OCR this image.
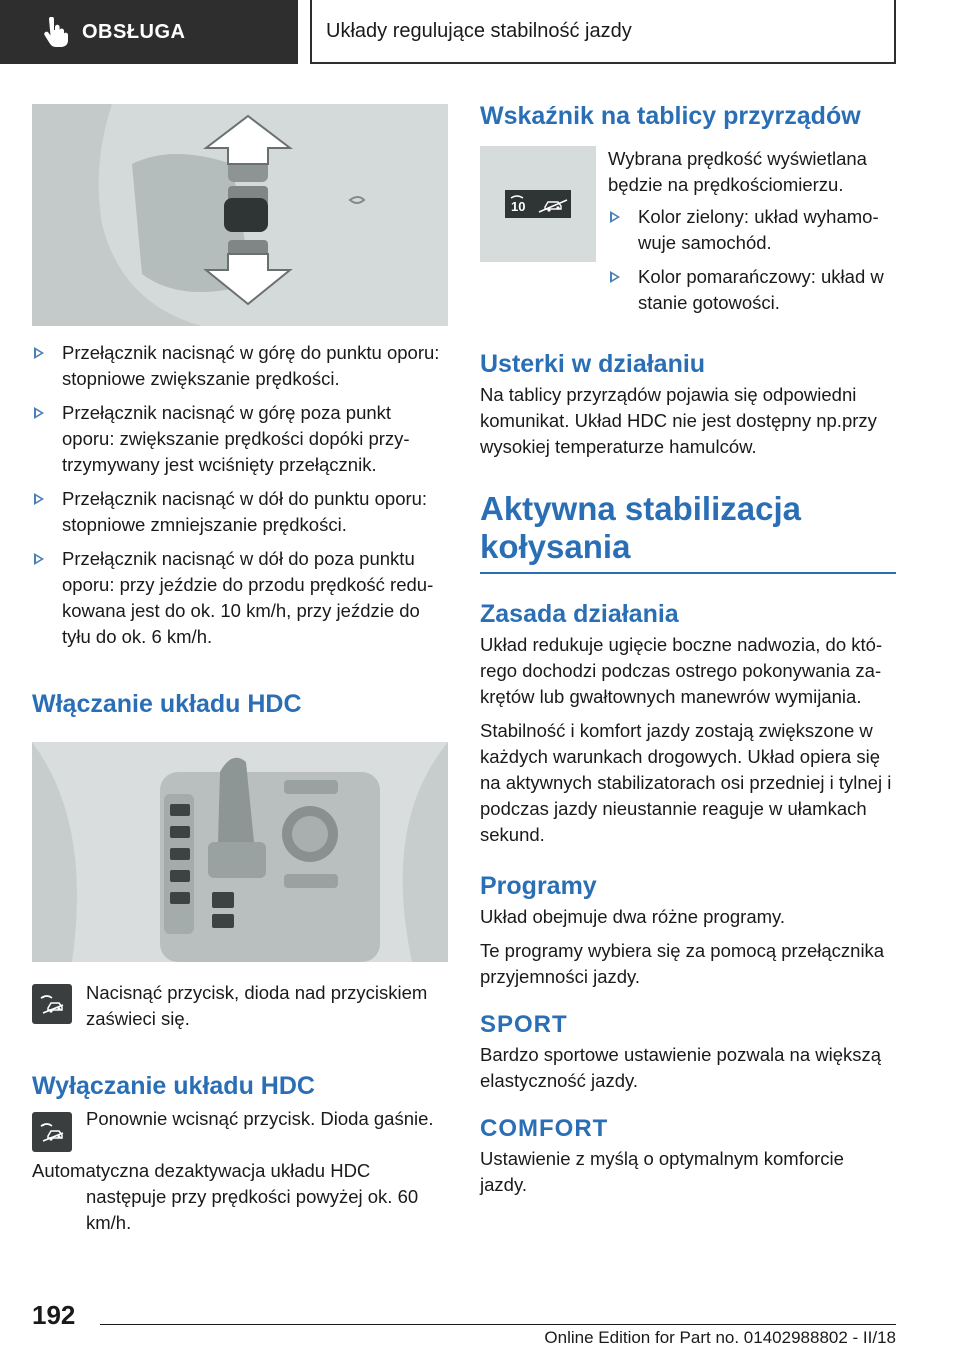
OBSŁUGA	Układy regulujące stabilność jazdy
Przełącznik nacisnąć w górę do punktu oporu: stopniowe zwiększanie prędkości.
Przełącznik nacisnąć w górę poza punkt oporu: zwiększanie prędkości dopóki przytrzymywany jest wciśnięty przełącznik.
Przełącznik nacisnąć w dół do punktu oporu: stopniowe zmniejszanie prędkości.
Przełącznik nacisnąć w dół do poza punktu oporu: przy jeździe do przodu prędkość redukowana jest do ok. 10 km/h, przy jeździe do tyłu do ok. 6 km/h.
Włączanie układu HDC

Nacisnąć przycisk, dioda nad przyciskiem zaświeci się.

Wyłączanie układu HDC

Ponownie wcisnąć przycisk. Dioda gaśnie.

Automatyczna dezaktywacja układu HDC następuje przy prędkości powyżej ok. 60 km/h.

Wskaźnik na tablicy przyrządów
10

Wybrana prędkość wyświetlana będzie na prędkościomierzu.

Kolor zielony: układ wyhamowuje samochód.
Kolor pomarańczowy: układ w stanie gotowości.
Usterki w działaniu

Na tablicy przyrządów pojawia się odpowiedni komunikat. Układ HDC nie jest dostępny np.przy wysokiej temperaturze hamulców.

Aktywna stabilizacja kołysania
Zasada działania

Układ redukuje ugięcie boczne nadwozia, do którego dochodzi podczas ostrego pokonywania zakrętów lub gwałtownych manewrów wymijania.

Stabilność i komfort jazdy zostają zwiększone w każdych warunkach drogowych. Układ opiera się na aktywnych stabilizatorach osi przedniej i tylnej i podczas jazdy nieustannie reaguje w ułamkach sekund.

Programy

Układ obejmuje dwa różne programy.

Te programy wybiera się za pomocą przełącznika przyjemności jazdy.

SPORT

Bardzo sportowe ustawienie pozwala na większą elastyczność jazdy.

COMFORT

Ustawienie z myślą o optymalnym komforcie jazdy.

192
Online Edition for Part no. 01402988802 - II/18
